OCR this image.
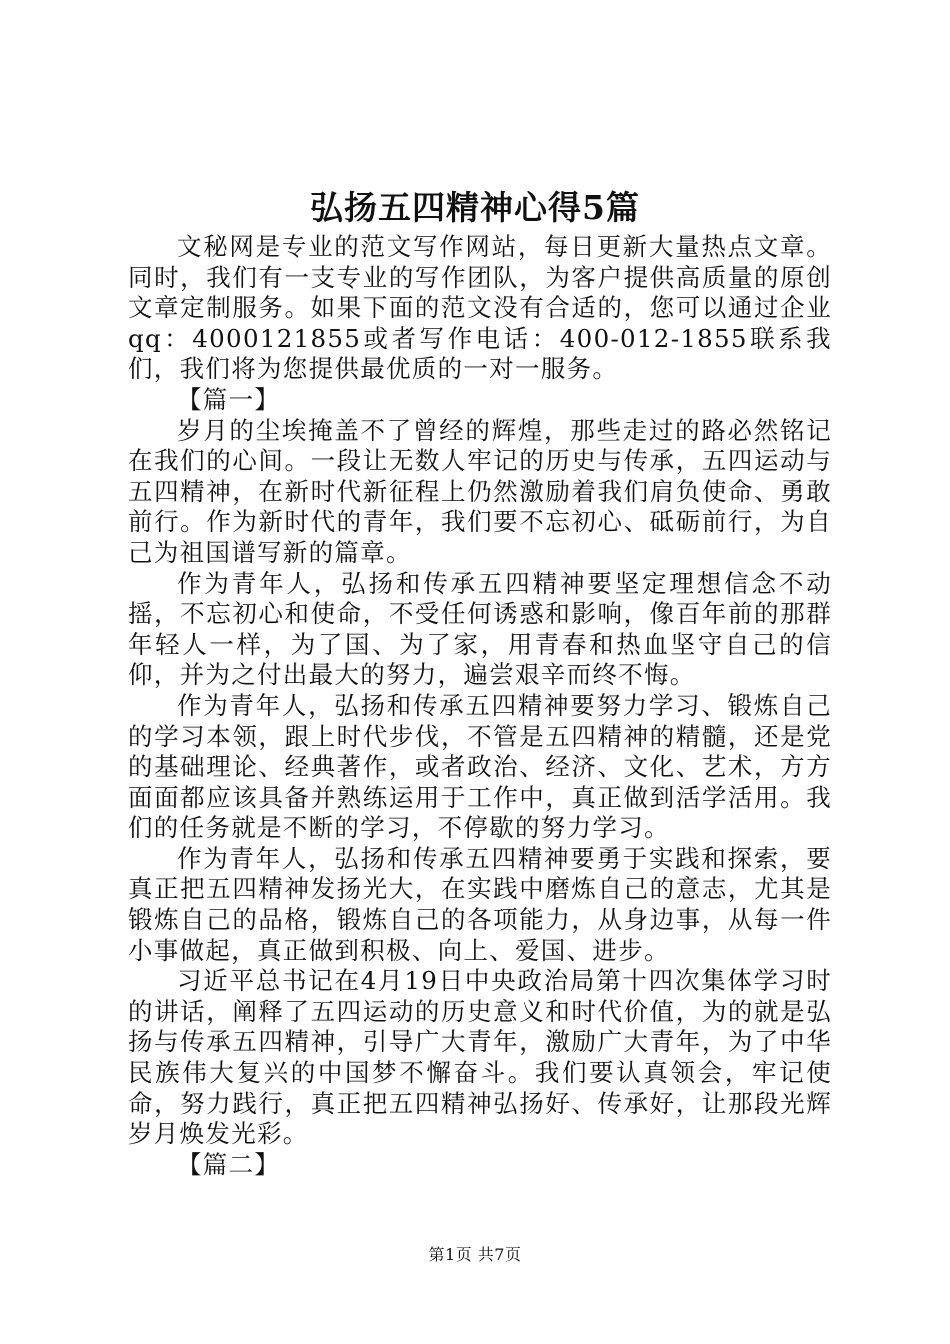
弘扬五四精神心得5篇

文秘网是专业的范文写作网站，每日更新大量热点文章。同时，我们有一支专业的写作团队，为客户提供高质量的原创文章定制服务。如果下面的范文没有合适的，您可以通过企业qq：4000121855或者写作电话：400-012-1855联系我们，我们将为您提供最优质的一对一服务。

【篇一】

岁月的尘埃掩盖不了曾经的辉煌，那些走过的路必然铭记在我们的心间。一段让无数人牢记的历史与传承，五四运动与五四精神，在新时代新征程上仍然激励着我们肩负使命、勇敢前行。作为新时代的青年，我们要不忘初心、砥砺前行，为自己为祖国谱写新的篇章。

作为青年人，弘扬和传承五四精神要坚定理想信念不动摇，不忘初心和使命，不受任何诱惑和影响，像百年前的那群年轻人一样，为了国、为了家，用青春和热血坚守自己的信仰，并为之付出最大的努力，遍尝艰辛而终不悔。

作为青年人，弘扬和传承五四精神要努力学习、锻炼自己的学习本领，跟上时代步伐，不管是五四精神的精髓，还是党的基础理论、经典著作，或者政治、经济、文化、艺术，方方面面都应该具备并熟练运用于工作中，真正做到活学活用。我们的任务就是不断的学习，不停歇的努力学习。

作为青年人，弘扬和传承五四精神要勇于实践和探索，要真正把五四精神发扬光大，在实践中磨炼自己的意志，尤其是锻炼自己的品格，锻炼自己的各项能力，从身边事，从每一件小事做起，真正做到积极、向上、爱国、进步。

习近平总书记在4月19日中央政治局第十四次集体学习时的讲话，阐释了五四运动的历史意义和时代价值，为的就是弘扬与传承五四精神，引导广大青年，激励广大青年，为了中华民族伟大复兴的中国梦不懈奋斗。我们要认真领会，牢记使命，努力践行，真正把五四精神弘扬好、传承好，让那段光辉岁月焕发光彩。

【篇二】

第1页 共7页
